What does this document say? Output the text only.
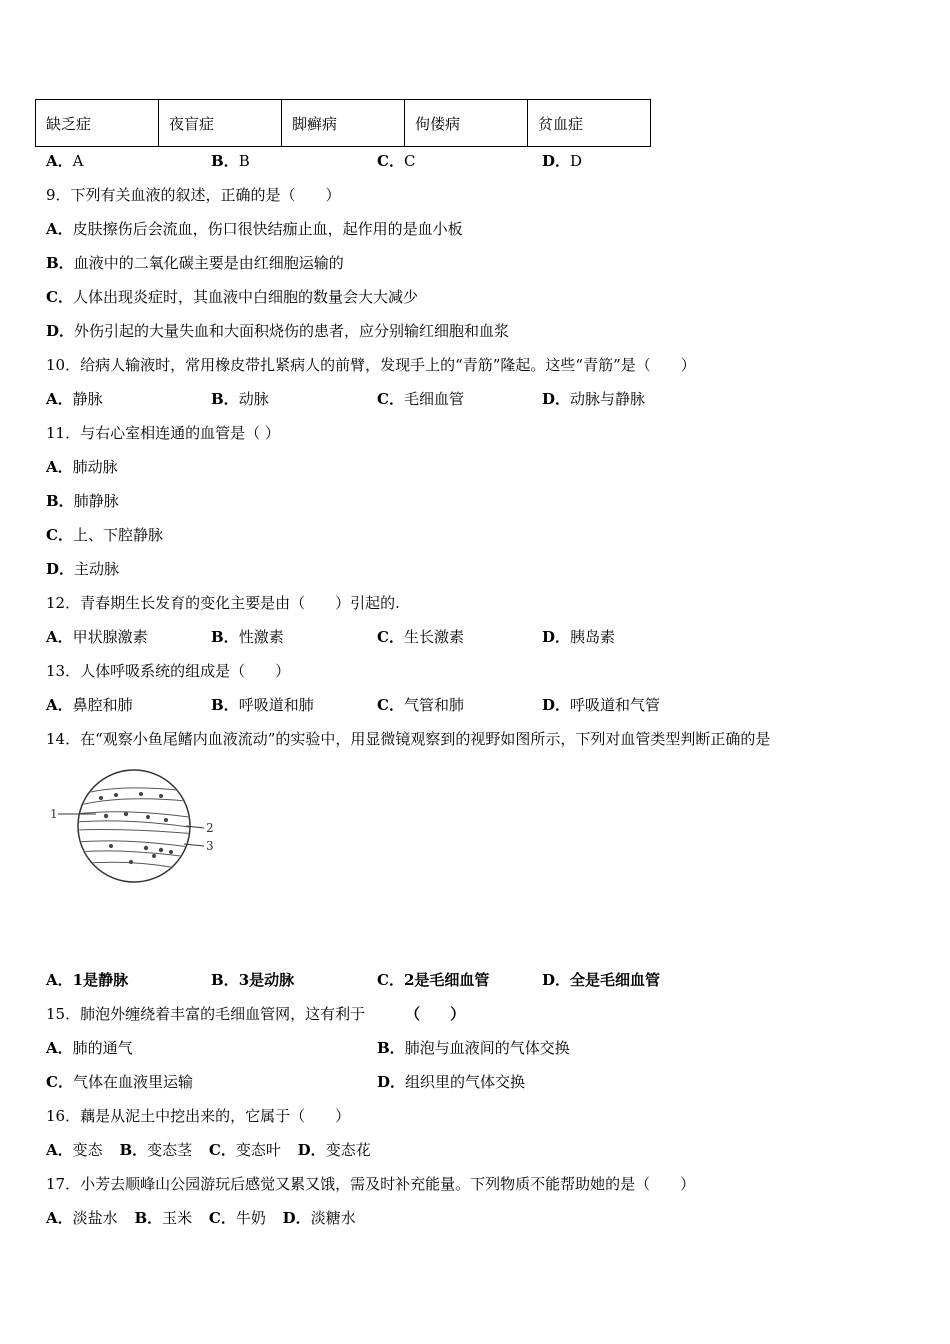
缺乏症	夜盲症	脚癣病	佝偻病	贫血症
A．A	B．B	C．C	D．D
9．下列有关血液的叙述，正确的是（　　）
A．皮肤擦伤后会流血，伤口很快结痂止血，起作用的是血小板
B．血液中的二氧化碳主要是由红细胞运输的
C．人体出现炎症时，其血液中白细胞的数量会大大减少
D．外伤引起的大量失血和大面积烧伤的患者，应分别输红细胞和血浆
10．给病人输液时，常用橡皮带扎紧病人的前臂，发现手上的“青筋”隆起。这些“青筋”是（　　）
A．静脉	B．动脉	C．毛细血管	D．动脉与静脉
11．与右心室相连通的血管是（ ）
A．肺动脉
B．肺静脉
C．上、下腔静脉
D．主动脉
12．青春期生长发育的变化主要是由（　　）引起的.
A．甲状腺激素	B．性激素	C．生长激素	D．胰岛素
13．人体呼吸系统的组成是（　　）
A．鼻腔和肺	B．呼吸道和肺	C．气管和肺	D．呼吸道和气管
14．在“观察小鱼尾鳍内血液流动”的实验中，用显微镜观察到的视野如图所示，下列对血管类型判断正确的是
1
2
3
A．1是静脉	B．3是动脉	C．2是毛细血管	D．全是毛细血管
15．肺泡外缠绕着丰富的毛细血管网，这有利于	（　　）
A．肺的通气	B．肺泡与血液间的气体交换
C．气体在血液里运输	D．组织里的气体交换
16．藕是从泥土中挖出来的，它属于（　　）
A．变态 B．变态茎 C．变态叶 D．变态花
17．小芳去顺峰山公园游玩后感觉又累又饿，需及时补充能量。下列物质不能帮助她的是（　　）
A．淡盐水 B．玉米 C．牛奶 D．淡糖水
